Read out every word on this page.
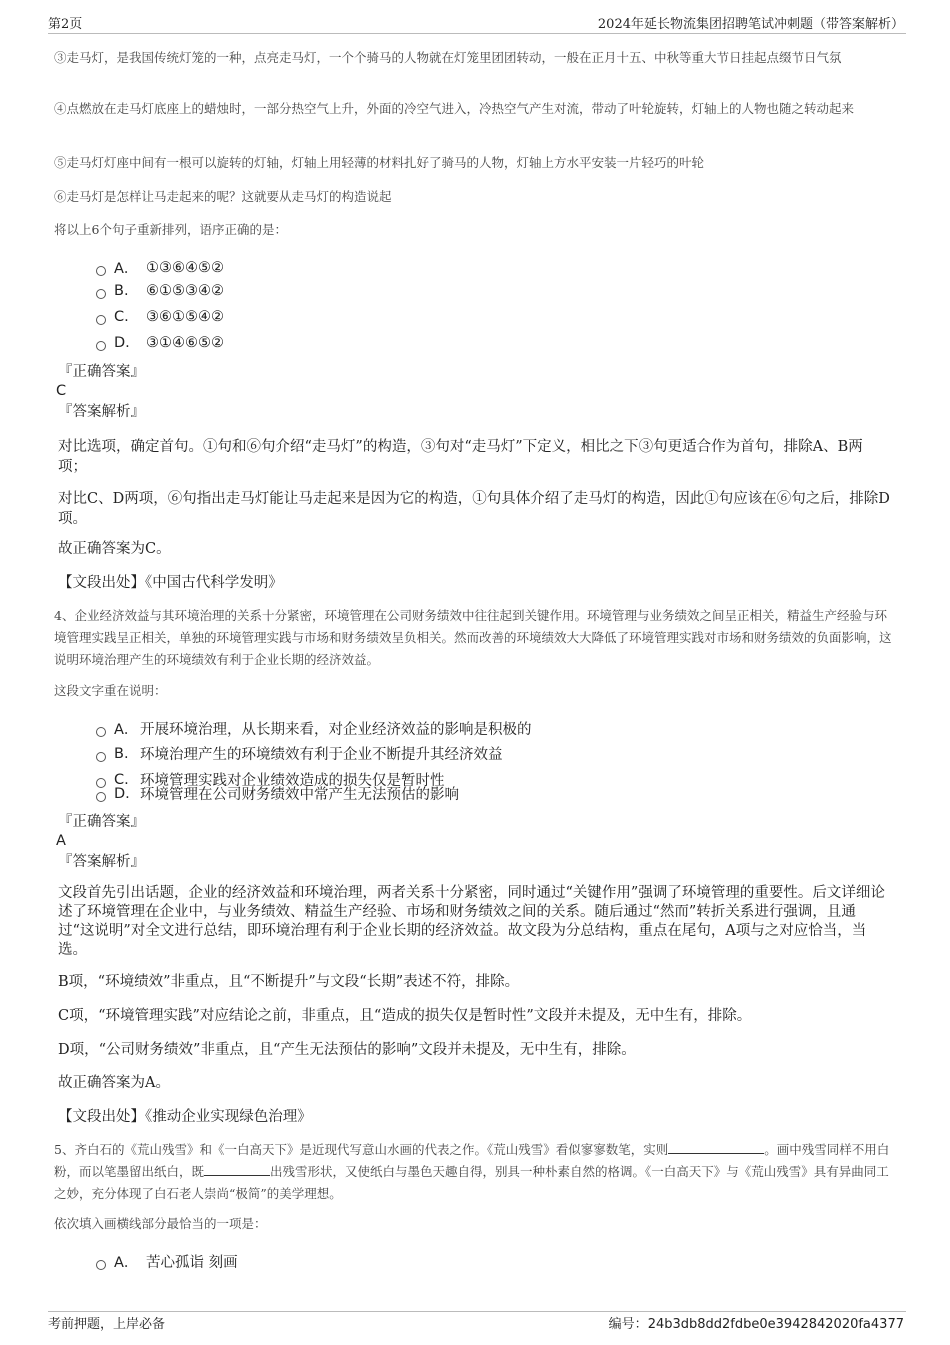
第2页	2024年延长物流集团招聘笔试冲刺题（带答案解析）
③走马灯，是我国传统灯笼的一种，点亮走马灯，一个个骑马的人物就在灯笼里团团转动，一般在正月十五、中秋等重大节日挂起点缀节日气氛
④点燃放在走马灯底座上的蜡烛时，一部分热空气上升，外面的冷空气进入，冷热空气产生对流，带动了叶轮旋转，灯轴上的人物也随之转动起来
⑤走马灯灯座中间有一根可以旋转的灯轴，灯轴上用轻薄的材料扎好了骑马的人物，灯轴上方水平安装一片轻巧的叶轮
⑥走马灯是怎样让马走起来的呢？这就要从走马灯的构造说起
将以上6个句子重新排列，语序正确的是：
A． ①③⑥④⑤②
B.	⑥①⑤③④②
C.	③⑥①⑤④②
D.	③①④⑥⑤②
『正确答案』
C
『答案解析』
对比选项，确定首句。①句和⑥句介绍“走马灯”的构造，③句对“走马灯”下定义，相比之下③句更适合作为首句，排除A、B两项；
对比C、D两项，⑥句指出走马灯能让马走起来是因为它的构造，①句具体介绍了走马灯的构造，因此①句应该在⑥句之后，排除D项。
故正确答案为C。
【文段出处】《中国古代科学发明》
4、企业经济效益与其环境治理的关系十分紧密，环境管理在公司财务绩效中往往起到关键作用。环境管理与业务绩效之间呈正相关，精益生产经验与环境管理实践呈正相关，单独的环境管理实践与市场和财务绩效呈负相关。然而改善的环境绩效大大降低了环境管理实践对市场和财务绩效的负面影响，这说明环境治理产生的环境绩效有利于企业长期的经济效益。
这段文字重在说明：
A． 开展环境治理，从长期来看，对企业经济效益的影响是积极的
B. 环境治理产生的环境绩效有利于企业不断提升其经济效益
C. 环境管理实践对企业绩效造成的损失仅是暂时性
D. 环境管理在公司财务绩效中常产生无法预估的影响
『正确答案』
A
『答案解析』
文段首先引出话题，企业的经济效益和环境治理，两者关系十分紧密，同时通过“关键作用”强调了环境管理的重要性。后文详细论述了环境管理在企业中，与业务绩效、精益生产经验、市场和财务绩效之间的关系。随后通过“然而”转折关系进行强调，且通过“这说明”对全文进行总结，即环境治理有利于企业长期的经济效益。故文段为分总结构，重点在尾句，A项与之对应恰当，当选。
B项，“环境绩效”非重点，且“不断提升”与文段“长期”表述不符，排除。
C项，“环境管理实践”对应结论之前，非重点，且“造成的损失仅是暂时性”文段并未提及，无中生有，排除。
D项，“公司财务绩效”非重点，且“产生无法预估的影响”文段并未提及，无中生有，排除。
故正确答案为A。
【文段出处】《推动企业实现绿色治理》
5、齐白石的《荒山残雪》和《一白高天下》是近现代写意山水画的代表之作。《荒山残雪》看似寥寥数笔，实则	。画中残雪同样不用白粉，而以笔墨留出纸白，既	出残雪形状，又使纸白与墨色天趣自得，别具一种朴素自然的格调。《一白高天下》与《荒山残雪》具有异曲同工之妙，充分体现了白石老人崇尚“极简”的美学理想。
依次填入画横线部分最恰当的一项是：
A． 苦心孤诣 刻画
考前押题，上岸必备	编号：24b3db8dd2fdbe0e3942842020fa4377
